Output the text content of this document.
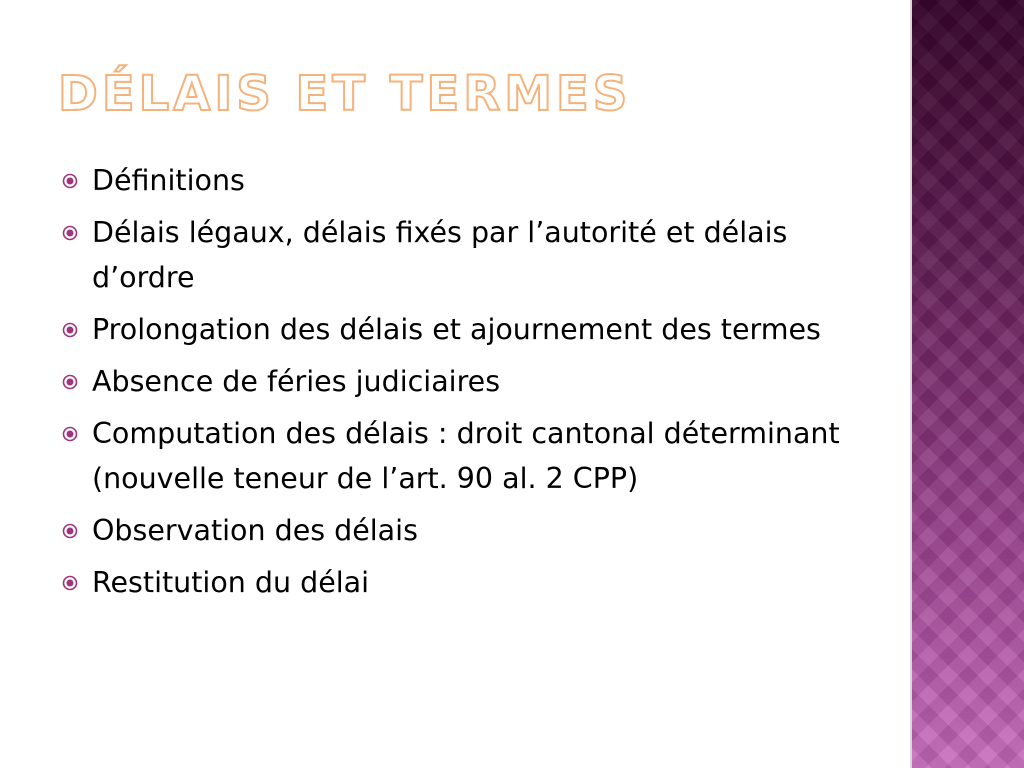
DÉLAIS ET TERMES
Définitions
Délais légaux, délais fixés par l’autorité et délais d’ordre
Prolongation des délais et ajournement des termes
Absence de féries judiciaires
Computation des délais : droit cantonal déterminant (nouvelle teneur de l’art. 90 al. 2 CPP)
Observation des délais
Restitution du délai
